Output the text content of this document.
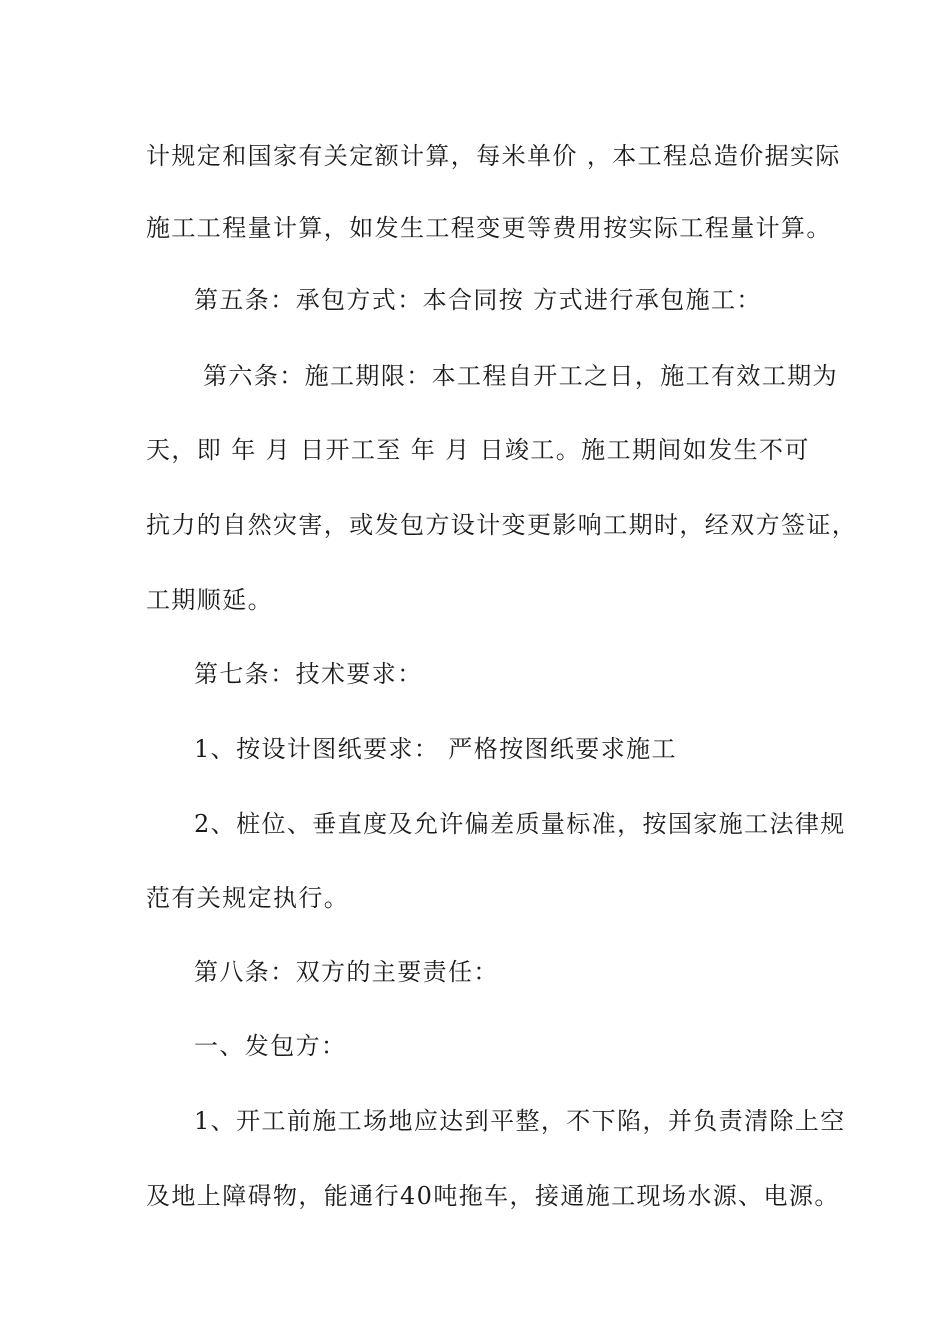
计规定和国家有关定额计算，每米单价 ，本工程总造价据实际
施工工程量计算，如发生工程变更等费用按实际工程量计算。
第五条：承包方式：本合同按 方式进行承包施工：
第六条：施工期限：本工程自开工之日，施工有效工期为
天，即 年 月 日开工至 年 月 日竣工。施工期间如发生不可
抗力的自然灾害，或发包方设计变更影响工期时，经双方签证，
工期顺延。
第七条：技术要求：
1、按设计图纸要求： 严格按图纸要求施工
2、桩位、垂直度及允许偏差质量标准，按国家施工法律规
范有关规定执行。
第八条：双方的主要责任：
一、发包方：
1、开工前施工场地应达到平整，不下陷，并负责清除上空
及地上障碍物，能通行40吨拖车，接通施工现场水源、电源。
